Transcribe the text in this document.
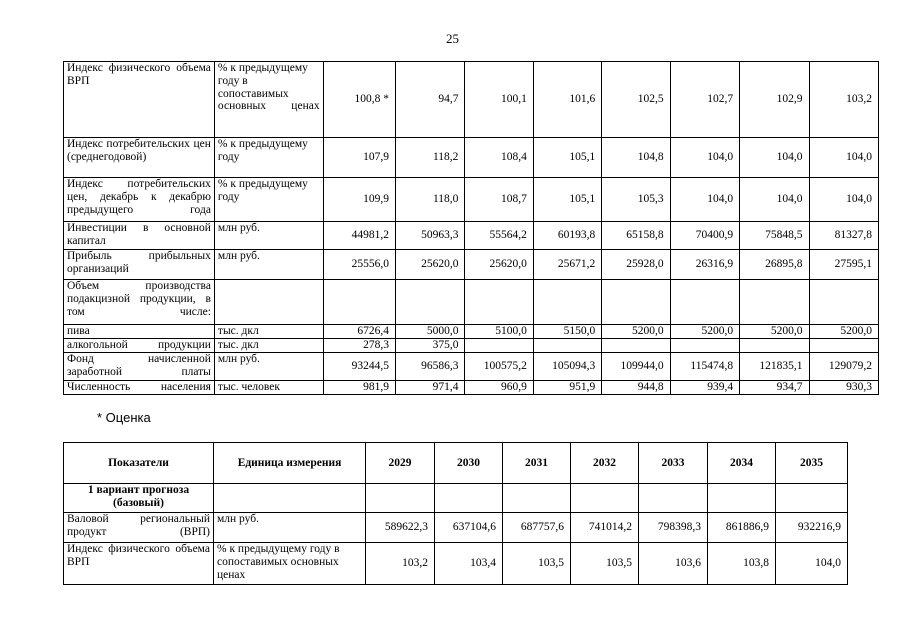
25
Индекс физического объема ВРП	% к предыдущему году в сопоставимых основных ценах	100,8 *	94,7	100,1	101,6	102,5	102,7	102,9	103,2
Индекс потребительских цен (среднегодовой)	% к предыдущему году	107,9	118,2	108,4	105,1	104,8	104,0	104,0	104,0
Индекс потребительских цен, декабрь к декабрю предыдущего года	% к предыдущему году	109,9	118,0	108,7	105,1	105,3	104,0	104,0	104,0
Инвестиции в основной капитал	млн руб.	44981,2	50963,3	55564,2	60193,8	65158,8	70400,9	75848,5	81327,8
Прибыль прибыльных организаций	млн руб.	25556,0	25620,0	25620,0	25671,2	25928,0	26316,9	26895,8	27595,1
Объем производства подакцизной продукции, в том числе:									
пива	тыс. дкл	6726,4	5000,0	5100,0	5150,0	5200,0	5200,0	5200,0	5200,0
алкогольной продукции	тыс. дкл	278,3	375,0						
Фонд начисленной заработной платы	млн руб.	93244,5	96586,3	100575,2	105094,3	109944,0	115474,8	121835,1	129079,2
Численность населения	тыс. человек	981,9	971,4	960,9	951,9	944,8	939,4	934,7	930,3
* Оценка
Показатели	Единица измерения	2029	2030	2031	2032	2033	2034	2035
1 вариант прогноза (базовый)								
Валовой региональный продукт (ВРП)	млн руб.	589622,3	637104,6	687757,6	741014,2	798398,3	861886,9	932216,9
Индекс физического объема ВРП	% к предыдущему году в сопоставимых основных ценах	103,2	103,4	103,5	103,5	103,6	103,8	104,0
